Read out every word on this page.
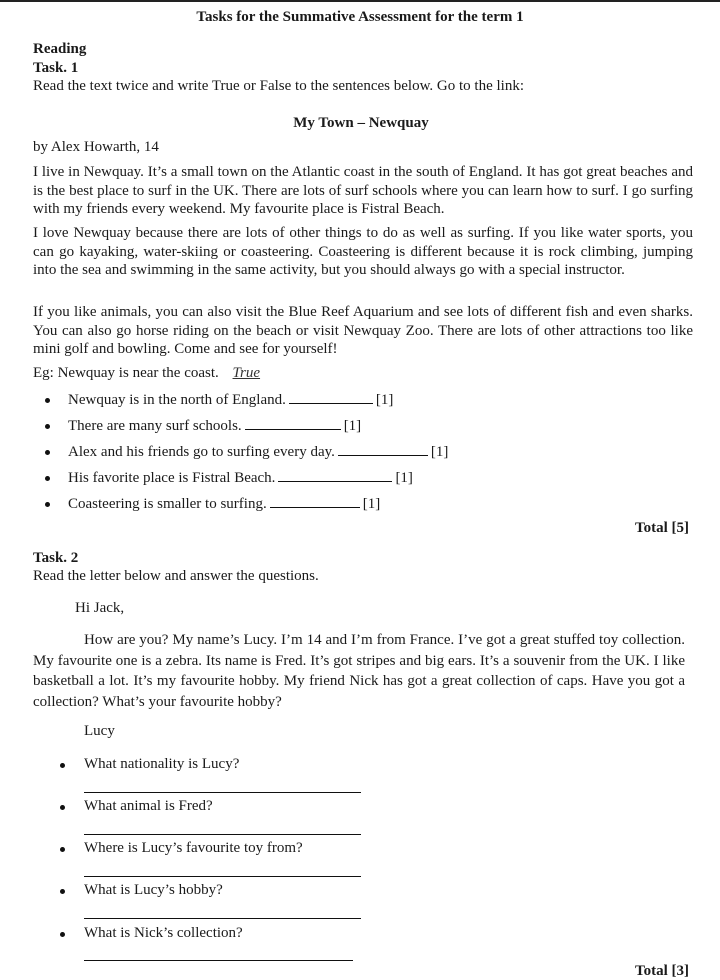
Tasks for the Summative Assessment for the term 1
Reading
Task. 1
Read the text twice and write True or False to the sentences below. Go to the link:
My Town – Newquay
by Alex Howarth, 14
I live in Newquay. It’s a small town on the Atlantic coast in the south of England. It has got great beaches and is the best place to surf in the UK. There are lots of surf schools where you can learn how to surf. I go surfing with my friends every weekend. My favourite place is Fistral Beach.
I love Newquay because there are lots of other things to do as well as surfing. If you like water sports, you can go kayaking, water-skiing or coasteering. Coasteering is different because it is rock climbing, jumping into the sea and swimming in the same activity, but you should always go with a special instructor.
If you like animals, you can also visit the Blue Reef Aquarium and see lots of different fish and even sharks. You can also go horse riding on the beach or visit Newquay Zoo. There are lots of other attractions too like mini golf and bowling. Come and see for yourself!
Eg: Newquay is near the coast. True
Newquay is in the north of England.	[1]
There are many surf schools.	[1]
Alex and his friends go to surfing every day.	[1]
His favorite place is Fistral Beach.	[1]
Coasteering is smaller to surfing.	[1]
Total [5]
Task. 2
Read the letter below and answer the questions.
Hi Jack,
How are you? My name’s Lucy. I’m 14 and I’m from France. I’ve got a great stuffed toy collection. My favourite one is a zebra. Its name is Fred. It’s got stripes and big ears. It’s a souvenir from the UK. I like basketball a lot. It’s my favourite hobby. My friend Nick has got a great collection of caps. Have you got a collection? What’s your favourite hobby?
Lucy
What nationality is Lucy?
What animal is Fred?
Where is Lucy’s favourite toy from?
What is Lucy’s hobby?
What is Nick’s collection?
Total [3]
